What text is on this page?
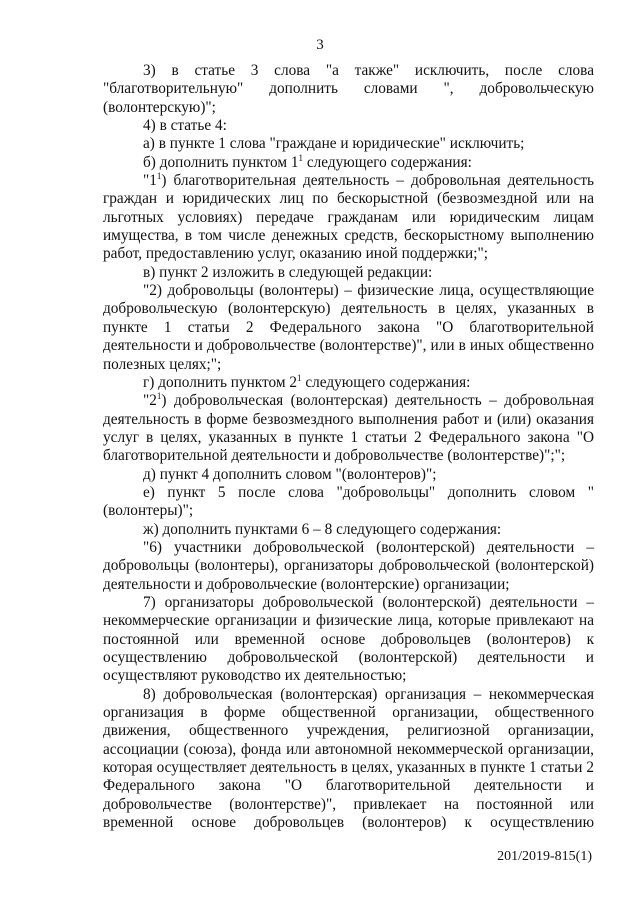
3

3) в статье 3 слова "а также" исключить, после слова "благотворительную" дополнить словами ", добровольческую (волонтерскую)";

4) в статье 4:

а) в пункте 1 слова "граждане и юридические" исключить;

б) дополнить пунктом $1^1$ следующего содержания:

"$1^1$) благотворительная деятельность – добровольная деятельность граждан и юридических лиц по бескорыстной (безвозмездной или на льготных условиях) передаче гражданам или юридическим лицам имущества, в том числе денежных средств, бескорыстному выполнению работ, предоставлению услуг, оказанию иной поддержки;";

в) пункт 2 изложить в следующей редакции:

"2) добровольцы (волонтеры) – физические лица, осуществляющие добровольческую (волонтерскую) деятельность в целях, указанных в пункте 1 статьи 2 Федерального закона "О благотворительной деятельности и добровольчестве (волонтерстве)", или в иных общественно полезных целях;";

г) дополнить пунктом $2^1$ следующего содержания:

"$2^1$) добровольческая (волонтерская) деятельность – добровольная деятельность в форме безвозмездного выполнения работ и (или) оказания услуг в целях, указанных в пункте 1 статьи 2 Федерального закона "О благотворительной деятельности и добровольчестве (волонтерстве)";";

д) пункт 4 дополнить словом "(волонтеров)";

е) пункт 5 после слова "добровольцы" дополнить словом "(волонтеры)";

ж) дополнить пунктами 6 – 8 следующего содержания:

"6) участники добровольческой (волонтерской) деятельности – добровольцы (волонтеры), организаторы добровольческой (волонтерской) деятельности и добровольческие (волонтерские) организации;

7) организаторы добровольческой (волонтерской) деятельности – некоммерческие организации и физические лица, которые привлекают на постоянной или временной основе добровольцев (волонтеров) к осуществлению добровольческой (волонтерской) деятельности и осуществляют руководство их деятельностью;

8) добровольческая (волонтерская) организация – некоммерческая организация в форме общественной организации, общественного движения, общественного учреждения, религиозной организации, ассоциации (союза), фонда или автономной некоммерческой организации, которая осуществляет деятельность в целях, указанных в пункте 1 статьи 2 Федерального закона "О благотворительной деятельности и добровольчестве (волонтерстве)", привлекает на постоянной или временной основе добровольцев (волонтеров) к осуществлению

201/2019-815(1)
